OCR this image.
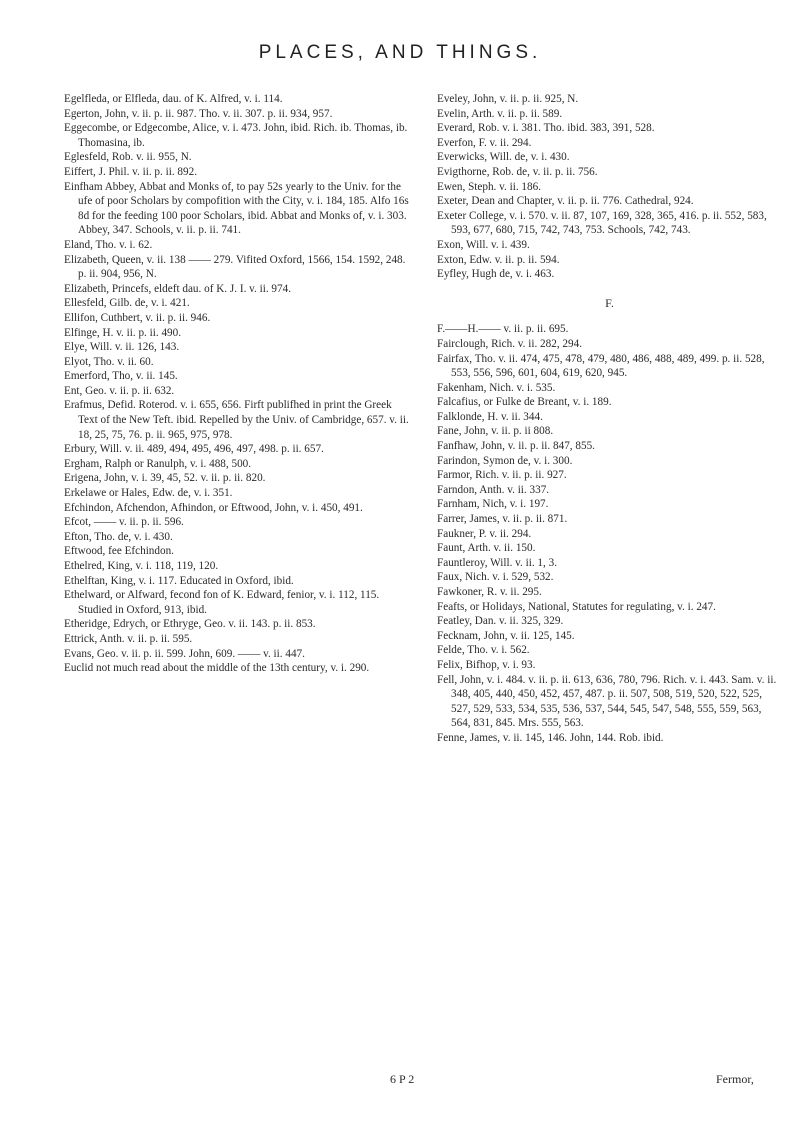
PLACES, AND THINGS.

Egelfleda, or Elfleda, dau. of K. Alfred, v. i. 114.

Egerton, John, v. ii. p. ii. 987. Tho. v. ii. 307. p. ii. 934, 957.

Eggecombe, or Edgecombe, Alice, v. i. 473. John, ibid. Rich. ib. Thomas, ib. Thomasina, ib.

Eglesfeld, Rob. v. ii. 955, N.

Eiffert, J. Phil. v. ii. p. ii. 892.

Einfham Abbey, Abbat and Monks of, to pay 52s yearly to the Univ. for the ufe of poor Scholars by compofition with the City, v. i. 184, 185. Alfo 16s 8d for the feeding 100 poor Scholars, ibid. Abbat and Monks of, v. i. 303. Abbey, 347. Schools, v. ii. p. ii. 741.

Eland, Tho. v. i. 62.

Elizabeth, Queen, v. ii. 138 —— 279. Vifited Oxford, 1566, 154. 1592, 248. p. ii. 904, 956, N.

Elizabeth, Princefs, eldeft dau. of K. J. I. v. ii. 974.

Ellesfeld, Gilb. de, v. i. 421.

Ellifon, Cuthbert, v. ii. p. ii. 946.

Elfinge, H. v. ii. p. ii. 490.

Elye, Will. v. ii. 126, 143.

Elyot, Tho. v. ii. 60.

Emerford, Tho, v. ii. 145.

Ent, Geo. v. ii. p. ii. 632.

Erafmus, Defid. Roterod. v. i. 655, 656. Firft publifhed in print the Greek Text of the New Teft. ibid. Repelled by the Univ. of Cambridge, 657. v. ii. 18, 25, 75, 76. p. ii. 965, 975, 978.

Erbury, Will. v. ii. 489, 494, 495, 496, 497, 498. p. ii. 657.

Ergham, Ralph or Ranulph, v. i. 488, 500.

Erigena, John, v. i. 39, 45, 52. v. ii. p. ii. 820.

Erkelawe or Hales, Edw. de, v. i. 351.

Efchindon, Afchendon, Afhindon, or Eftwood, John, v. i. 450, 491.

Efcot, —— v. ii. p. ii. 596.

Efton, Tho. de, v. i. 430.

Eftwood, fee Efchindon.

Ethelred, King, v. i. 118, 119, 120.

Ethelftan, King, v. i. 117. Educated in Oxford, ibid.

Ethelward, or Alfward, fecond fon of K. Edward, fenior, v. i. 112, 115. Studied in Oxford, 913, ibid.

Etheridge, Edrych, or Ethryge, Geo. v. ii. 143. p. ii. 853.

Ettrick, Anth. v. ii. p. ii. 595.

Evans, Geo. v. ii. p. ii. 599. John, 609. —— v. ii. 447.

Euclid not much read about the middle of the 13th century, v. i. 290.

Eveley, John, v. ii. p. ii. 925, N.

Evelin, Arth. v. ii. p. ii. 589.

Everard, Rob. v. i. 381. Tho. ibid. 383, 391, 528.

Everfon, F. v. ii. 294.

Everwicks, Will. de, v. i. 430.

Evigthorne, Rob. de, v. ii. p. ii. 756.

Ewen, Steph. v. ii. 186.

Exeter, Dean and Chapter, v. ii. p. ii. 776. Cathedral, 924.

Exeter College, v. i. 570. v. ii. 87, 107, 169, 328, 365, 416. p. ii. 552, 583, 593, 677, 680, 715, 742, 743, 753. Schools, 742, 743.

Exon, Will. v. i. 439.

Exton, Edw. v. ii. p. ii. 594.

Eyfley, Hugh de, v. i. 463.

F.

F.——H.—— v. ii. p. ii. 695.

Fairclough, Rich. v. ii. 282, 294.

Fairfax, Tho. v. ii. 474, 475, 478, 479, 480, 486, 488, 489, 499. p. ii. 528, 553, 556, 596, 601, 604, 619, 620, 945.

Fakenham, Nich. v. i. 535.

Falcafius, or Fulke de Breant, v. i. 189.

Falklonde, H. v. ii. 344.

Fane, John, v. ii. p. ii 808.

Fanfhaw, John, v. ii. p. ii. 847, 855.

Farindon, Symon de, v. i. 300.

Farmor, Rich. v. ii. p. ii. 927.

Farndon, Anth. v. ii. 337.

Farnham, Nich, v. i. 197.

Farrer, James, v. ii. p. ii. 871.

Faukner, P. v. ii. 294.

Faunt, Arth. v. ii. 150.

Fauntleroy, Will. v. ii. 1, 3.

Faux, Nich. v. i. 529, 532.

Fawkoner, R. v. ii. 295.

Feafts, or Holidays, National, Statutes for regulating, v. i. 247.

Featley, Dan. v. ii. 325, 329.

Fecknam, John, v. ii. 125, 145.

Felde, Tho. v. i. 562.

Felix, Bifhop, v. i. 93.

Fell, John, v. i. 484. v. ii. p. ii. 613, 636, 780, 796. Rich. v. i. 443. Sam. v. ii. 348, 405, 440, 450, 452, 457, 487. p. ii. 507, 508, 519, 520, 522, 525, 527, 529, 533, 534, 535, 536, 537, 544, 545, 547, 548, 555, 559, 563, 564, 831, 845. Mrs. 555, 563.

Fenne, James, v. ii. 145, 146. John, 144. Rob. ibid.

6 P 2	Fermor,
